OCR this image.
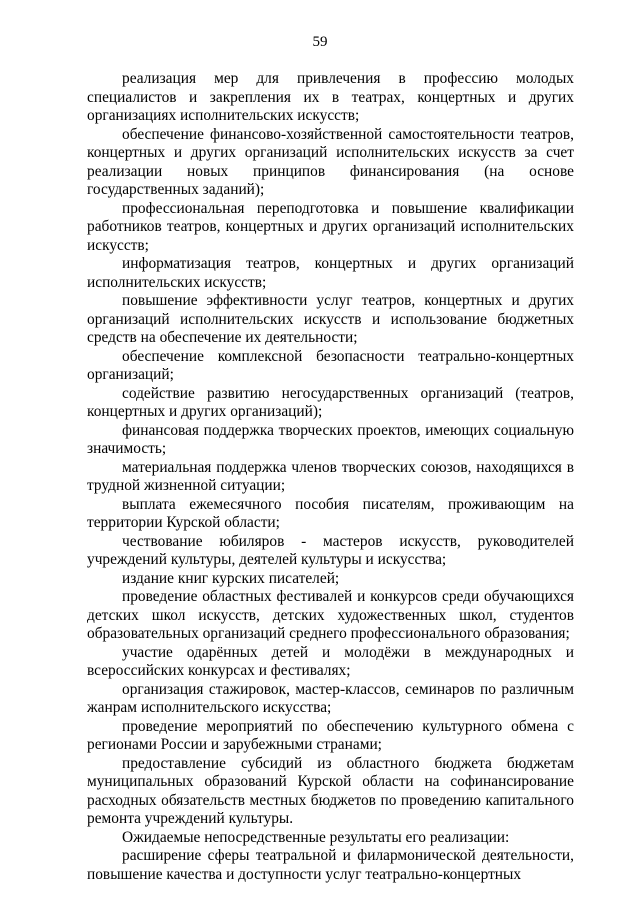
59

реализация мер для привлечения в профессию молодых специалистов и закрепления их в театрах, концертных и других организациях исполнительских искусств;

обеспечение финансово-хозяйственной самостоятельности театров, концертных и других организаций исполнительских искусств за счет реализации новых принципов финансирования (на основе государственных заданий);

профессиональная переподготовка и повышение квалификации работников театров, концертных и других организаций исполнительских искусств;

информатизация театров, концертных и других организаций исполнительских искусств;

повышение эффективности услуг театров, концертных и других организаций исполнительских искусств и использование бюджетных средств на обеспечение их деятельности;

обеспечение комплексной безопасности театрально-концертных организаций;

содействие развитию негосударственных организаций (театров, концертных и других организаций);

финансовая поддержка творческих проектов, имеющих социальную значимость;

материальная поддержка членов творческих союзов, находящихся в трудной жизненной ситуации;

выплата ежемесячного пособия писателям, проживающим на территории Курской области;

чествование юбиляров - мастеров искусств, руководителей учреждений культуры, деятелей культуры и искусства;

издание книг курских писателей;

проведение областных фестивалей и конкурсов среди обучающихся детских школ искусств, детских художественных школ, студентов образовательных организаций среднего профессионального образования;

участие одарённых детей и молодёжи в международных и всероссийских конкурсах и фестивалях;

организация стажировок, мастер-классов, семинаров по различным жанрам исполнительского искусства;

проведение мероприятий по обеспечению культурного обмена с регионами России и зарубежными странами;

предоставление субсидий из областного бюджета бюджетам муниципальных образований Курской области на софинансирование расходных обязательств местных бюджетов по проведению капитального ремонта учреждений культуры.

Ожидаемые непосредственные результаты его реализации:

расширение сферы театральной и филармонической деятельности, повышение качества и доступности услуг театрально-концертных
